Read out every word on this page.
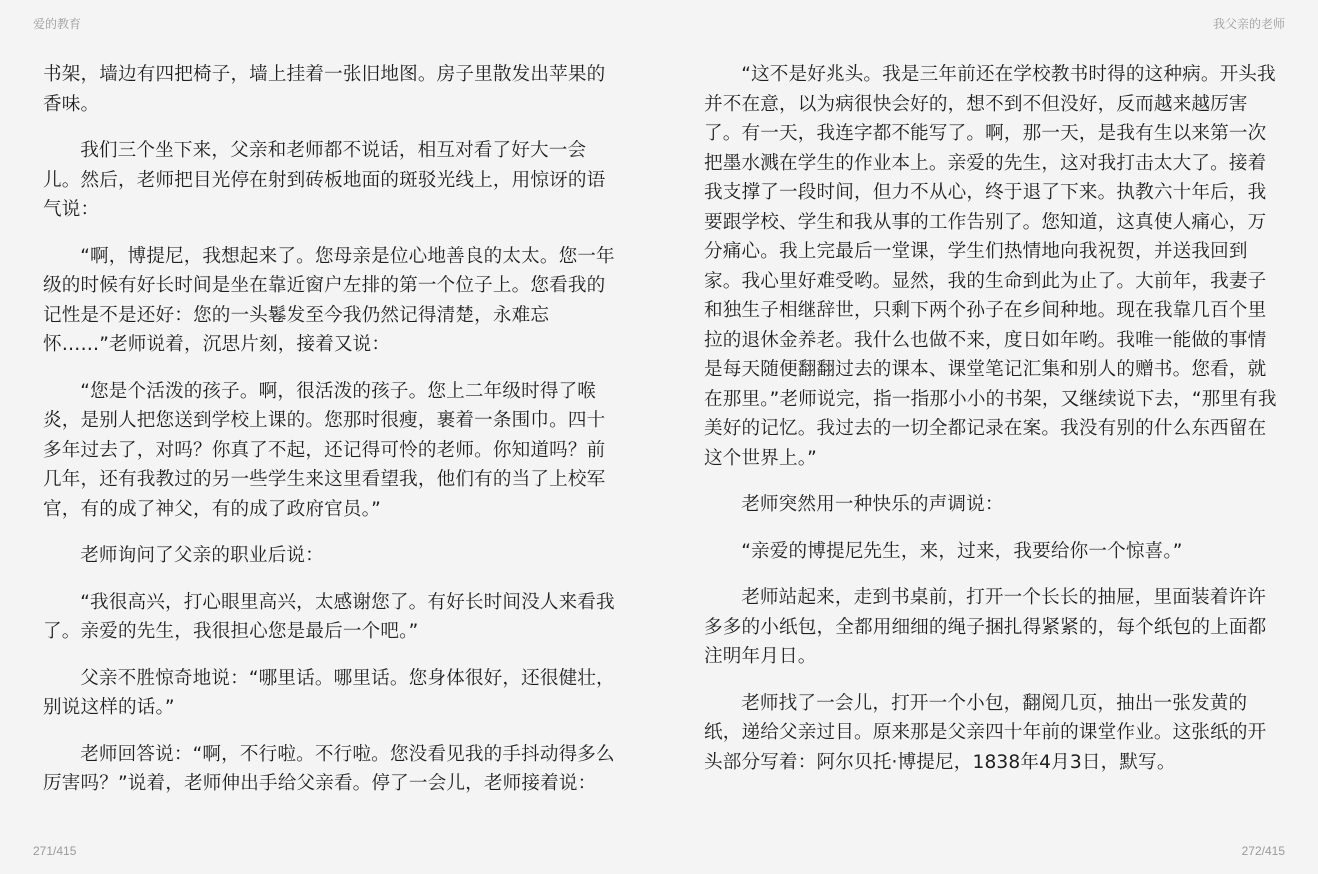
爱的教育

书架，墙边有四把椅子，墙上挂着一张旧地图。房子里散发出苹果的香味。

我们三个坐下来，父亲和老师都不说话，相互对看了好大一会儿。然后，老师把目光停在射到砖板地面的斑驳光线上，用惊讶的语气说：

“啊，博提尼，我想起来了。您母亲是位心地善良的太太。您一年级的时候有好长时间是坐在靠近窗户左排的第一个位子上。您看我的记性是不是还好：您的一头鬈发至今我仍然记得清楚，永难忘怀……”老师说着，沉思片刻，接着又说：

“您是个活泼的孩子。啊，很活泼的孩子。您上二年级时得了喉炎，是别人把您送到学校上课的。您那时很瘦，裹着一条围巾。四十多年过去了，对吗？你真了不起，还记得可怜的老师。你知道吗？前几年，还有我教过的另一些学生来这里看望我，他们有的当了上校军官，有的成了神父，有的成了政府官员。”

老师询问了父亲的职业后说：

“我很高兴，打心眼里高兴，太感谢您了。有好长时间没人来看我了。亲爱的先生，我很担心您是最后一个吧。”

父亲不胜惊奇地说：“哪里话。哪里话。您身体很好，还很健壮，别说这样的话。”

老师回答说：“啊，不行啦。不行啦。您没看见我的手抖动得多么厉害吗？”说着，老师伸出手给父亲看。停了一会儿，老师接着说：

271/415
我父亲的老师

“这不是好兆头。我是三年前还在学校教书时得的这种病。开头我并不在意，以为病很快会好的，想不到不但没好，反而越来越厉害了。有一天，我连字都不能写了。啊，那一天，是我有生以来第一次把墨水溅在学生的作业本上。亲爱的先生，这对我打击太大了。接着我支撑了一段时间，但力不从心，终于退了下来。执教六十年后，我要跟学校、学生和我从事的工作告别了。您知道，这真使人痛心，万分痛心。我上完最后一堂课，学生们热情地向我祝贺，并送我回到家。我心里好难受哟。显然，我的生命到此为止了。大前年，我妻子和独生子相继辞世，只剩下两个孙子在乡间种地。现在我靠几百个里拉的退休金养老。我什么也做不来，度日如年哟。我唯一能做的事情是每天随便翻翻过去的课本、课堂笔记汇集和别人的赠书。您看，就在那里。”老师说完，指一指那小小的书架，又继续说下去，“那里有我美好的记忆。我过去的一切全都记录在案。我没有别的什么东西留在这个世界上。”

老师突然用一种快乐的声调说：

“亲爱的博提尼先生，来，过来，我要给你一个惊喜。”

老师站起来，走到书桌前，打开一个长长的抽屉，里面装着许许多多的小纸包，全都用细细的绳子捆扎得紧紧的，每个纸包的上面都注明年月日。

老师找了一会儿，打开一个小包，翻阅几页，抽出一张发黄的纸，递给父亲过目。原来那是父亲四十年前的课堂作业。这张纸的开头部分写着：阿尔贝托·博提尼，1838年4月3日，默写。

272/415
